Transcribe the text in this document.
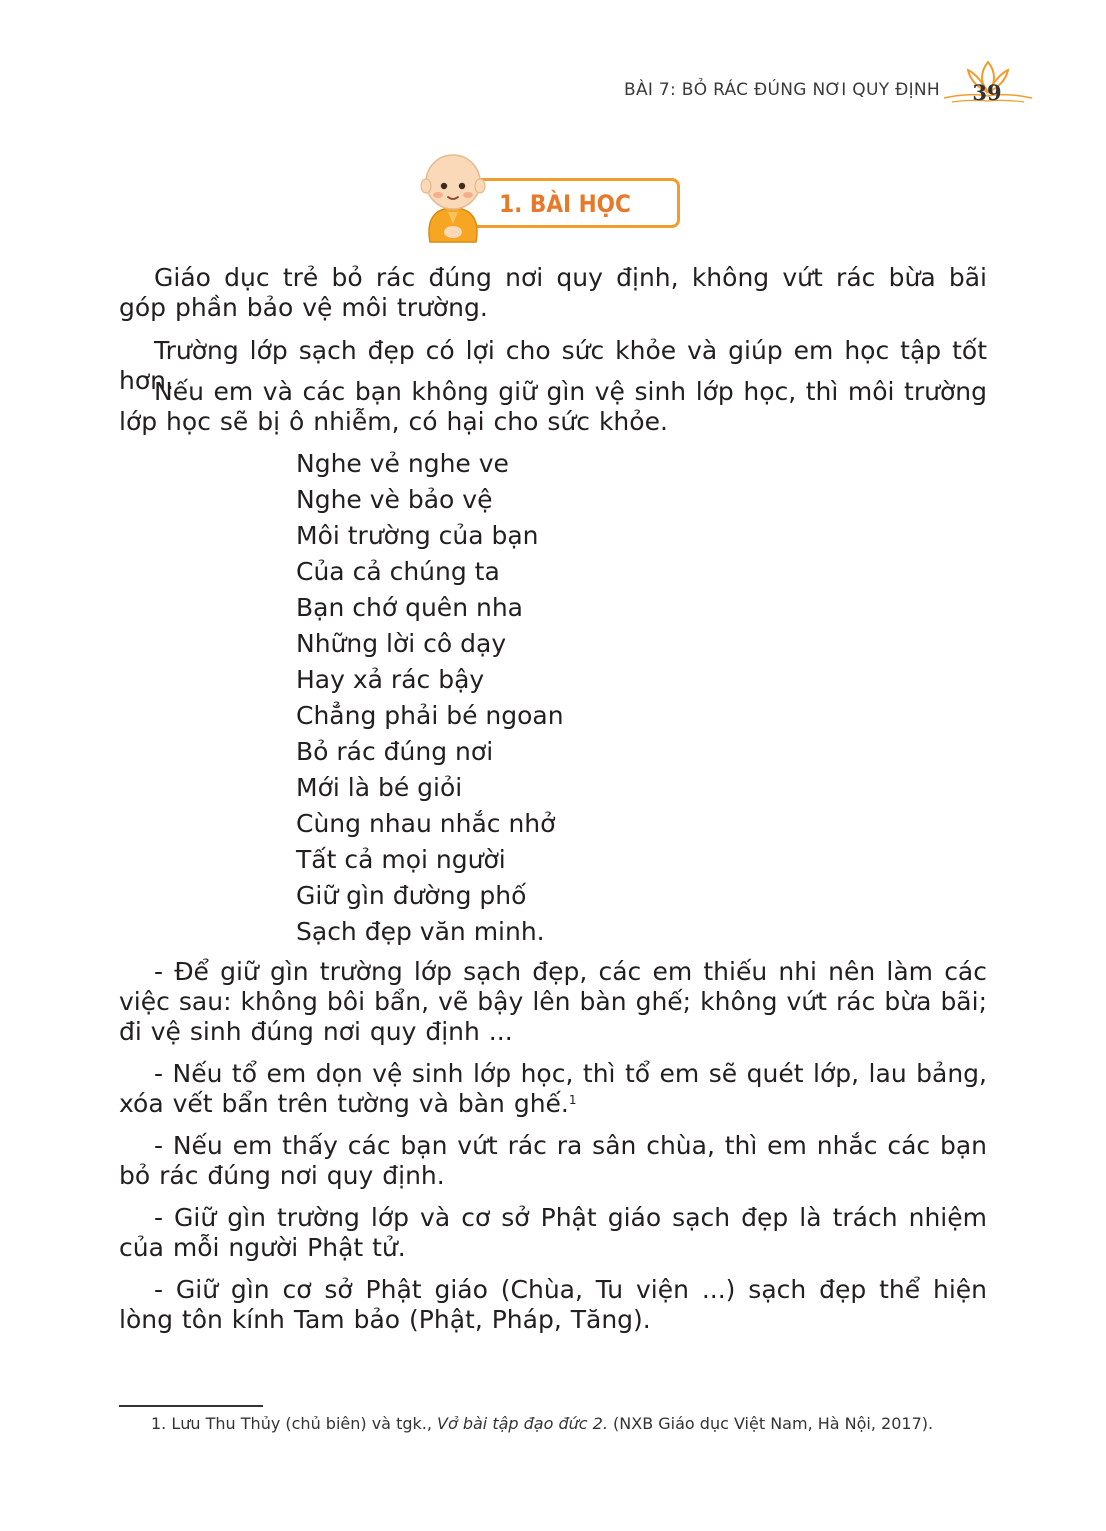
BÀI 7: BỎ RÁC ĐÚNG NƠI QUY ĐỊNH 39
1. BÀI HỌC
Giáo dục trẻ bỏ rác đúng nơi quy định, không vứt rác bừa bãi góp phần bảo vệ môi trường.
Trường lớp sạch đẹp có lợi cho sức khỏe và giúp em học tập tốt hơn.
Nếu em và các bạn không giữ gìn vệ sinh lớp học, thì môi trường lớp học sẽ bị ô nhiễm, có hại cho sức khỏe.
Nghe vẻ nghe ve
Nghe vè bảo vệ
Môi trường của bạn
Của cả chúng ta
Bạn chớ quên nha
Những lời cô dạy
Hay xả rác bậy
Chẳng phải bé ngoan
Bỏ rác đúng nơi
Mới là bé giỏi
Cùng nhau nhắc nhở
Tất cả mọi người
Giữ gìn đường phố
Sạch đẹp văn minh.
- Để giữ gìn trường lớp sạch đẹp, các em thiếu nhi nên làm các việc sau: không bôi bẩn, vẽ bậy lên bàn ghế; không vứt rác bừa bãi; đi vệ sinh đúng nơi quy định ...
- Nếu tổ em dọn vệ sinh lớp học, thì tổ em sẽ quét lớp, lau bảng, xóa vết bẩn trên tường và bàn ghế.$^1$
- Nếu em thấy các bạn vứt rác ra sân chùa, thì em nhắc các bạn bỏ rác đúng nơi quy định.
- Giữ gìn trường lớp và cơ sở Phật giáo sạch đẹp là trách nhiệm của mỗi người Phật tử.
- Giữ gìn cơ sở Phật giáo (Chùa, Tu viện ...) sạch đẹp thể hiện lòng tôn kính Tam bảo (Phật, Pháp, Tăng).
1. Lưu Thu Thủy (chủ biên) và tgk., Vở bài tập đạo đức 2. (NXB Giáo dục Việt Nam, Hà Nội, 2017).
